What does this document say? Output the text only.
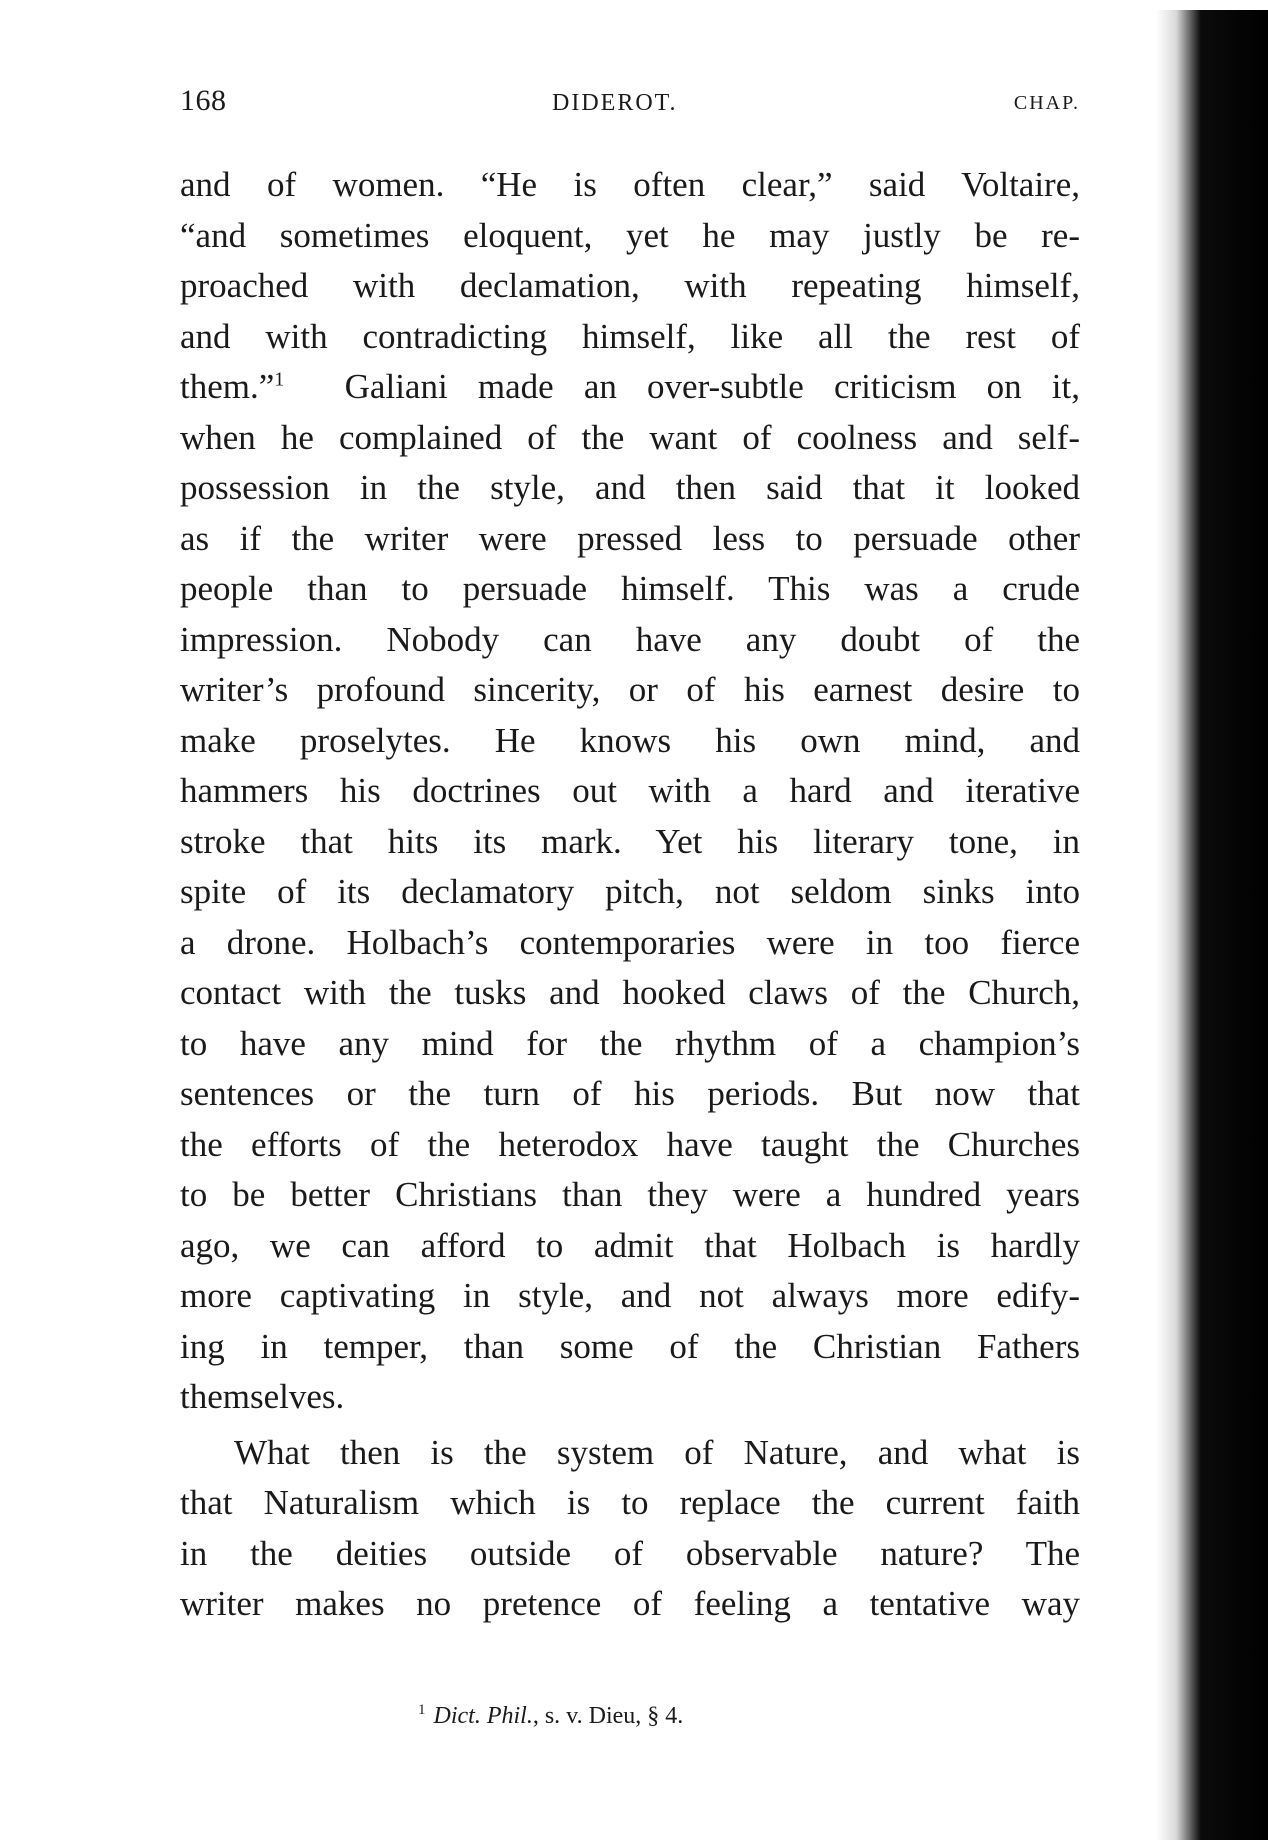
168	DIDEROT.	CHAP.
and of women. “He is often clear,” said Voltaire,
“and sometimes eloquent, yet he may justly be re-
proached with declamation, with repeating himself,
and with contradicting himself, like all the rest of
them.”$^1$ Galiani made an over-subtle criticism on it,
when he complained of the want of coolness and self-
possession in the style, and then said that it looked
as if the writer were pressed less to persuade other
people than to persuade himself. This was a crude
impression. Nobody can have any doubt of the
writer’s profound sincerity, or of his earnest desire to
make proselytes. He knows his own mind, and
hammers his doctrines out with a hard and iterative
stroke that hits its mark. Yet his literary tone, in
spite of its declamatory pitch, not seldom sinks into
a drone. Holbach’s contemporaries were in too fierce
contact with the tusks and hooked claws of the Church,
to have any mind for the rhythm of a champion’s
sentences or the turn of his periods. But now that
the efforts of the heterodox have taught the Churches
to be better Christians than they were a hundred years
ago, we can afford to admit that Holbach is hardly
more captivating in style, and not always more edify-
ing in temper, than some of the Christian Fathers
themselves.
What then is the system of Nature, and what is
that Naturalism which is to replace the current faith
in the deities outside of observable nature? The
writer makes no pretence of feeling a tentative way
$^1$ Dict. Phil., s. v. Dieu, § 4.
